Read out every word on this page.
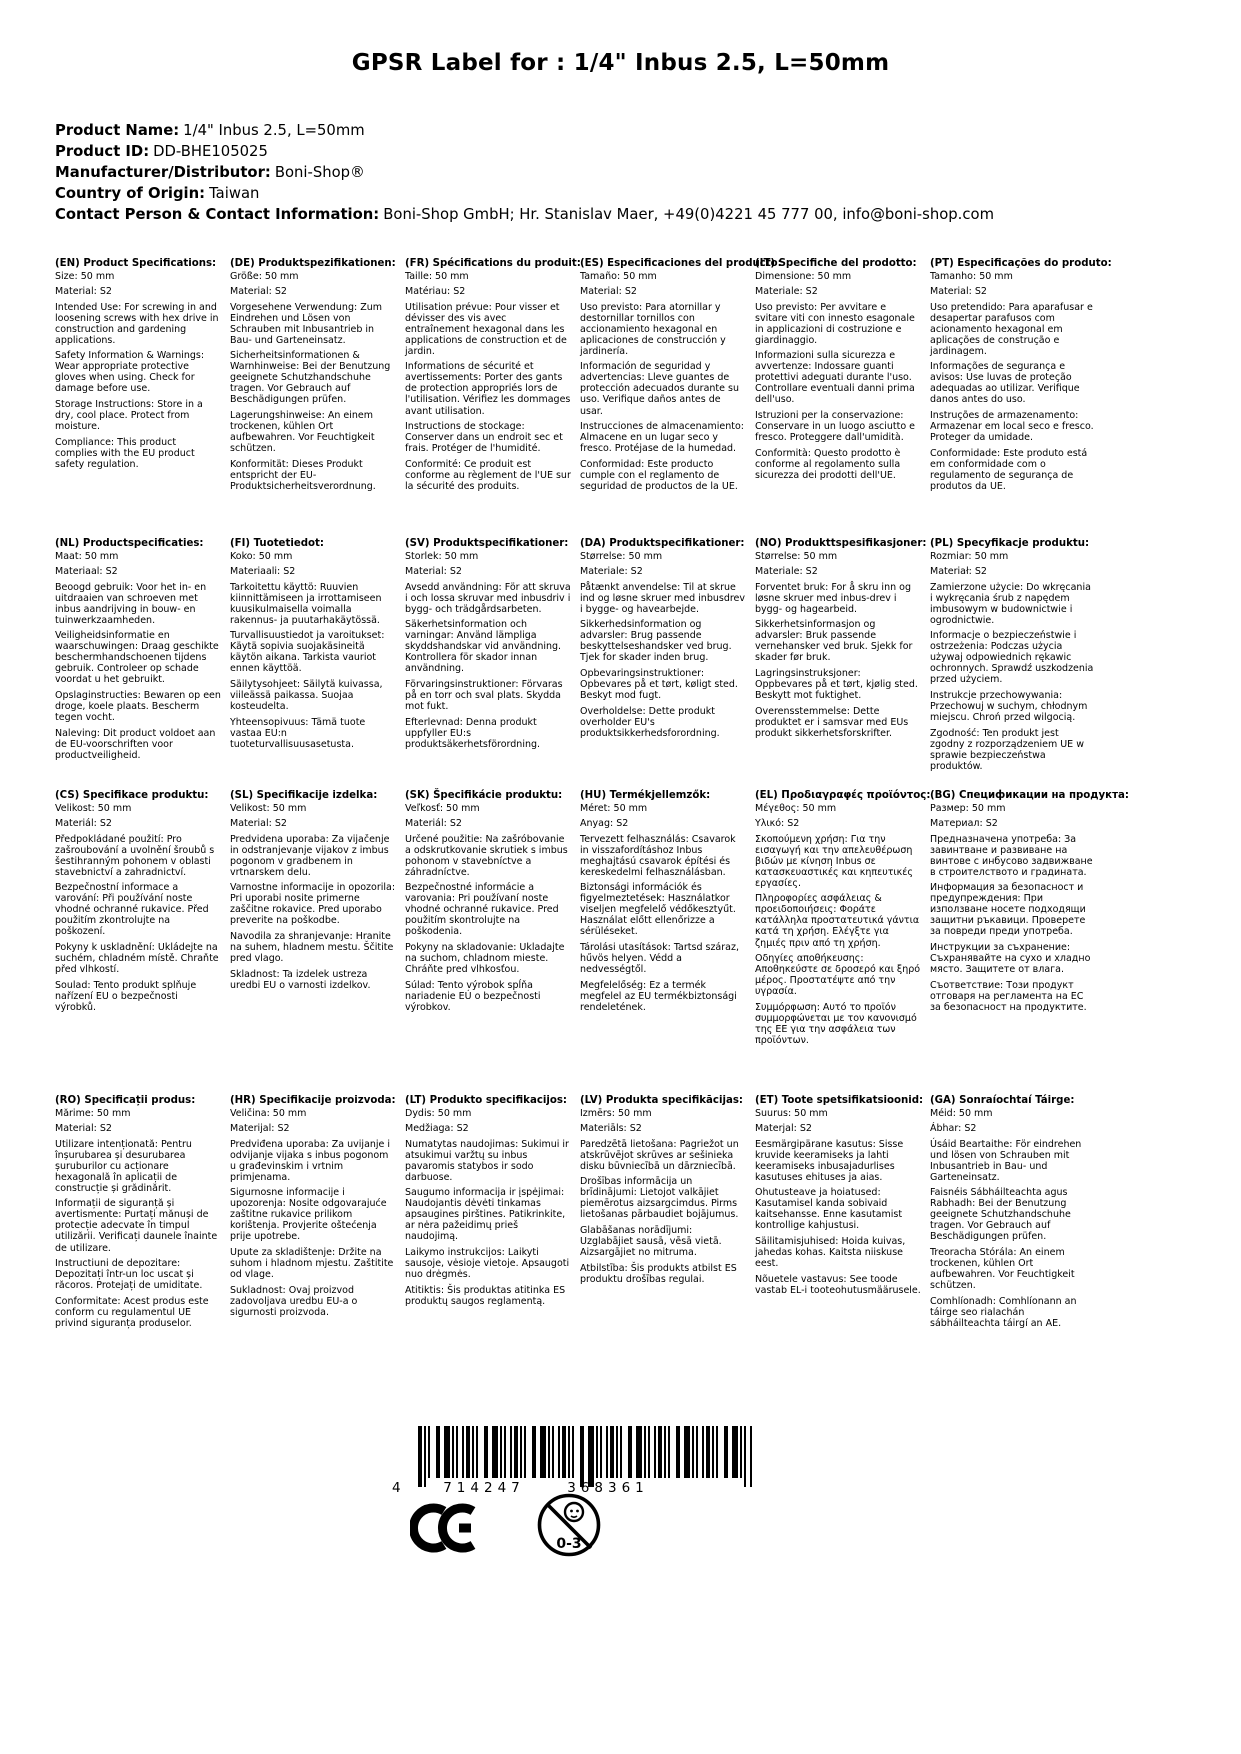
GPSR Label for : 1/4" Inbus 2.5, L=50mm
Product Name: 1/4" Inbus 2.5, L=50mm
Product ID: DD-BHE105025
Manufacturer/Distributor: Boni-Shop®
Country of Origin: Taiwan
Contact Person & Contact Information: Boni-Shop GmbH; Hr. Stanislav Maer, +49(0)4221 45 777 00, info@boni-shop.com
(EN) Product Specifications:

Size: 50 mm

Material: S2

Intended Use: For screwing in and loosening screws with hex drive in construction and gardening applications.

Safety Information & Warnings: Wear appropriate protective gloves when using. Check for damage before use.

Storage Instructions: Store in a dry, cool place. Protect from moisture.

Compliance: This product complies with the EU product safety regulation.

(DE) Produktspezifikationen:

Größe: 50 mm

Material: S2

Vorgesehene Verwendung: Zum Eindrehen und Lösen von Schrauben mit Inbusantrieb in Bau- und Garteneinsatz.

Sicherheitsinformationen & Warnhinweise: Bei der Benutzung geeignete Schutzhandschuhe tragen. Vor Gebrauch auf Beschädigungen prüfen.

Lagerungshinweise: An einem trockenen, kühlen Ort aufbewahren. Vor Feuchtigkeit schützen.

Konformität: Dieses Produkt entspricht der EU-Produktsicherheitsverordnung.

(FR) Spécifications du produit:

Taille: 50 mm

Matériau: S2

Utilisation prévue: Pour visser et dévisser des vis avec entraînement hexagonal dans les applications de construction et de jardin.

Informations de sécurité et avertissements: Porter des gants de protection appropriés lors de l'utilisation. Vérifiez les dommages avant utilisation.

Instructions de stockage: Conserver dans un endroit sec et frais. Protéger de l'humidité.

Conformité: Ce produit est conforme au règlement de l'UE sur la sécurité des produits.

(ES) Especificaciones del producto:

Tamaño: 50 mm

Material: S2

Uso previsto: Para atornillar y destornillar tornillos con accionamiento hexagonal en aplicaciones de construcción y jardinería.

Información de seguridad y advertencias: Lleve guantes de protección adecuados durante su uso. Verifique daños antes de usar.

Instrucciones de almacenamiento: Almacene en un lugar seco y fresco. Protéjase de la humedad.

Conformidad: Este producto cumple con el reglamento de seguridad de productos de la UE.

(IT) Specifiche del prodotto:

Dimensione: 50 mm

Materiale: S2

Uso previsto: Per avvitare e svitare viti con innesto esagonale in applicazioni di costruzione e giardinaggio.

Informazioni sulla sicurezza e avvertenze: Indossare guanti protettivi adeguati durante l'uso. Controllare eventuali danni prima dell'uso.

Istruzioni per la conservazione: Conservare in un luogo asciutto e fresco. Proteggere dall'umidità.

Conformità: Questo prodotto è conforme al regolamento sulla sicurezza dei prodotti dell'UE.

(PT) Especificações do produto:

Tamanho: 50 mm

Material: S2

Uso pretendido: Para aparafusar e desapertar parafusos com acionamento hexagonal em aplicações de construção e jardinagem.

Informações de segurança e avisos: Use luvas de proteção adequadas ao utilizar. Verifique danos antes do uso.

Instruções de armazenamento: Armazenar em local seco e fresco. Proteger da umidade.

Conformidade: Este produto está em conformidade com o regulamento de segurança de produtos da UE.

(NL) Productspecificaties:

Maat: 50 mm

Materiaal: S2

Beoogd gebruik: Voor het in- en uitdraaien van schroeven met inbus aandrijving in bouw- en tuinwerkzaamheden.

Veiligheidsinformatie en waarschuwingen: Draag geschikte beschermhandschoenen tijdens gebruik. Controleer op schade voordat u het gebruikt.

Opslaginstructies: Bewaren op een droge, koele plaats. Bescherm tegen vocht.

Naleving: Dit product voldoet aan de EU-voorschriften voor productveiligheid.

(FI) Tuotetiedot:

Koko: 50 mm

Materiaali: S2

Tarkoitettu käyttö: Ruuvien kiinnittämiseen ja irrottamiseen kuusikulmaisella voimalla rakennus- ja puutarhakäytössä.

Turvallisuustiedot ja varoitukset: Käytä sopivia suojakäsineitä käytön aikana. Tarkista vauriot ennen käyttöä.

Säilytysohjeet: Säilytä kuivassa, viileässä paikassa. Suojaa kosteudelta.

Yhteensopivuus: Tämä tuote vastaa EU:n tuoteturvallisuusasetusta.

(SV) Produktspecifikationer:

Storlek: 50 mm

Material: S2

Avsedd användning: För att skruva i och lossa skruvar med inbusdriv i bygg- och trädgårdsarbeten.

Säkerhetsinformation och varningar: Använd lämpliga skyddshandskar vid användning. Kontrollera för skador innan användning.

Förvaringsinstruktioner: Förvaras på en torr och sval plats. Skydda mot fukt.

Efterlevnad: Denna produkt uppfyller EU:s produktsäkerhetsförordning.

(DA) Produktspecifikationer:

Størrelse: 50 mm

Materiale: S2

Påtænkt anvendelse: Til at skrue ind og løsne skruer med inbusdrev i bygge- og havearbejde.

Sikkerhedsinformation og advarsler: Brug passende beskyttelseshandsker ved brug. Tjek for skader inden brug.

Opbevaringsinstruktioner: Opbevares på et tørt, køligt sted. Beskyt mod fugt.

Overholdelse: Dette produkt overholder EU's produktsikkerhedsforordning.

(NO) Produkttspesifikasjoner:

Størrelse: 50 mm

Materiale: S2

Forventet bruk: For å skru inn og løsne skruer med inbus-drev i bygg- og hagearbeid.

Sikkerhetsinformasjon og advarsler: Bruk passende vernehansker ved bruk. Sjekk for skader før bruk.

Lagringsinstruksjoner: Oppbevares på et tørt, kjølig sted. Beskytt mot fuktighet.

Overensstemmelse: Dette produktet er i samsvar med EUs produkt sikkerhetsforskrifter.

(PL) Specyfikacje produktu:

Rozmiar: 50 mm

Materiał: S2

Zamierzone użycie: Do wkręcania i wykręcania śrub z napędem imbusowym w budownictwie i ogrodnictwie.

Informacje o bezpieczeństwie i ostrzeżenia: Podczas użycia używaj odpowiednich rękawic ochronnych. Sprawdź uszkodzenia przed użyciem.

Instrukcje przechowywania: Przechowuj w suchym, chłodnym miejscu. Chroń przed wilgocią.

Zgodność: Ten produkt jest zgodny z rozporządzeniem UE w sprawie bezpieczeństwa produktów.

(CS) Specifikace produktu:

Velikost: 50 mm

Materiál: S2

Předpokládané použití: Pro zašroubování a uvolnění šroubů s šestihranným pohonem v oblasti stavebnictví a zahradnictví.

Bezpečnostní informace a varování: Při používání noste vhodné ochranné rukavice. Před použitím zkontrolujte na poškození.

Pokyny k uskladnění: Ukládejte na suchém, chladném místě. Chraňte před vlhkostí.

Soulad: Tento produkt splňuje nařízení EU o bezpečnosti výrobků.

(SL) Specifikacije izdelka:

Velikost: 50 mm

Material: S2

Predvidena uporaba: Za vijačenje in odstranjevanje vijakov z imbus pogonom v gradbenem in vrtnarskem delu.

Varnostne informacije in opozorila: Pri uporabi nosite primerne zaščitne rokavice. Pred uporabo preverite na poškodbe.

Navodila za shranjevanje: Hranite na suhem, hladnem mestu. Ščitite pred vlago.

Skladnost: Ta izdelek ustreza uredbi EU o varnosti izdelkov.

(SK) Špecifikácie produktu:

Veľkosť: 50 mm

Materiál: S2

Určené použitie: Na zašróbovanie a odskrutkovanie skrutiek s imbus pohonom v stavebníctve a záhradníctve.

Bezpečnostné informácie a varovania: Pri používaní noste vhodné ochranné rukavice. Pred použitím skontrolujte na poškodenia.

Pokyny na skladovanie: Ukladajte na suchom, chladnom mieste. Chráňte pred vlhkosťou.

Súlad: Tento výrobok spĺňa nariadenie EÚ o bezpečnosti výrobkov.

(HU) Termékjellemzők:

Méret: 50 mm

Anyag: S2

Tervezett felhasználás: Csavarok in visszafordításhoz Inbus meghajtású csavarok építési és kereskedelmi felhasználásban.

Biztonsági információk és figyelmeztetések: Használatkor viseljen megfelelő védőkesztyűt. Használat előtt ellenőrizze a sérüléseket.

Tárolási utasítások: Tartsd száraz, hűvös helyen. Védd a nedvességtől.

Megfelelőség: Ez a termék megfelel az EU termékbiztonsági rendeletének.

(EL) Προδιαγραφές προϊόντος:

Μέγεθος: 50 mm

Υλικό: S2

Σκοπούμενη χρήση: Για την εισαγωγή και την απελευθέρωση βιδών με κίνηση Inbus σε κατασκευαστικές και κηπευτικές εργασίες.

Πληροφορίες ασφάλειας & προειδοποιήσεις: Φοράτε κατάλληλα προστατευτικά γάντια κατά τη χρήση. Ελέγξτε για ζημιές πριν από τη χρήση.

Οδηγίες αποθήκευσης: Αποθηκεύστε σε δροσερό και ξηρό μέρος. Προστατέψτε από την υγρασία.

Συμμόρφωση: Αυτό το προϊόν συμμορφώνεται με τον κανονισμό της ΕΕ για την ασφάλεια των προϊόντων.

(BG) Спецификации на продукта:

Размер: 50 mm

Материал: S2

Предназначена употреба: За завинтване и развиване на винтове с инбусово задвижване в строителството и градината.

Информация за безопасност и предупреждения: При използване носете подходящи защитни ръкавици. Проверете за повреди преди употреба.

Инструкции за съхранение: Съхранявайте на сухо и хладно място. Защитете от влага.

Съответствие: Този продукт отговаря на регламента на ЕС за безопасност на продуктите.

(RO) Specificații produs:

Mărime: 50 mm

Material: S2

Utilizare intenționată: Pentru înșurubarea și desurubarea șuruburilor cu acționare hexagonală în aplicații de construcție și grădinărit.

Informații de siguranță și avertismente: Purtați mănuși de protecție adecvate în timpul utilizării. Verificați daunele înainte de utilizare.

Instructiuni de depozitare: Depozitați într-un loc uscat și răcoros. Protejați de umiditate.

Conformitate: Acest produs este conform cu regulamentul UE privind siguranța produselor.

(HR) Specifikacije proizvoda:

Veličina: 50 mm

Materijal: S2

Predviđena uporaba: Za uvijanje i odvijanje vijaka s inbus pogonom u građevinskim i vrtnim primjenama.

Sigurnosne informacije i upozorenja: Nosite odgovarajuće zaštitne rukavice prilikom korištenja. Provjerite oštećenja prije upotrebe.

Upute za skladištenje: Držite na suhom i hladnom mjestu. Zaštitite od vlage.

Sukladnost: Ovaj proizvod zadovoljava uredbu EU-a o sigurnosti proizvoda.

(LT) Produkto specifikacijos:

Dydis: 50 mm

Medžiaga: S2

Numatytas naudojimas: Sukimui ir atsukimui varžtų su inbus pavaromis statybos ir sodo darbuose.

Saugumo informacija ir įspėjimai: Naudojantis dėvėti tinkamas apsaugines pirštines. Patikrinkite, ar nėra pažeidimų prieš naudojimą.

Laikymo instrukcijos: Laikyti sausoje, vėsioje vietoje. Apsaugoti nuo drėgmės.

Atitiktis: Šis produktas atitinka ES produktų saugos reglamentą.

(LV) Produkta specifikācijas:

Izmērs: 50 mm

Materiāls: S2

Paredzētā lietošana: Pagriežot un atskrūvējot skrūves ar sešinieka disku būvniecībā un dārzniecībā.

Drošības informācija un brīdinājumi: Lietojot valkājiet piemērotus aizsargcimdus. Pirms lietošanas pārbaudiet bojājumus.

Glabāšanas norādījumi: Uzglabājiet sausā, vēsā vietā. Aizsargājiet no mitruma.

Atbilstība: Šis produkts atbilst ES produktu drošības regulai.

(ET) Toote spetsifikatsioonid:

Suurus: 50 mm

Materjal: S2

Eesmärgipärane kasutus: Sisse kruvide keeramiseks ja lahti keeramiseks inbusajadurlises kasutuses ehituses ja aias.

Ohutusteave ja hoiatused: Kasutamisel kanda sobivaid kaitsehansse. Enne kasutamist kontrollige kahjustusi.

Säilitamisjuhised: Hoida kuivas, jahedas kohas. Kaitsta niiskuse eest.

Nõuetele vastavus: See toode vastab EL-i tooteohutusmäärusele.

(GA) Sonraíochtaí Táirge:

Méid: 50 mm

Ábhar: S2

Úsáid Beartaithe: För eindrehen und lösen von Schrauben mit Inbusantrieb in Bau- und Garteneinsatz.

Faisnéis Sábháilteachta agus Rabhadh: Bei der Benutzung geeignete Schutzhandschuhe tragen. Vor Gebrauch auf Beschädigungen prüfen.

Treoracha Stórála: An einem trockenen, kühlen Ort aufbewahren. Vor Feuchtigkeit schützen.

Comhlíonadh: Comhlíonann an táirge seo rialachán sábháilteachta táirgí an AE.

4	714247	368361
0-3
